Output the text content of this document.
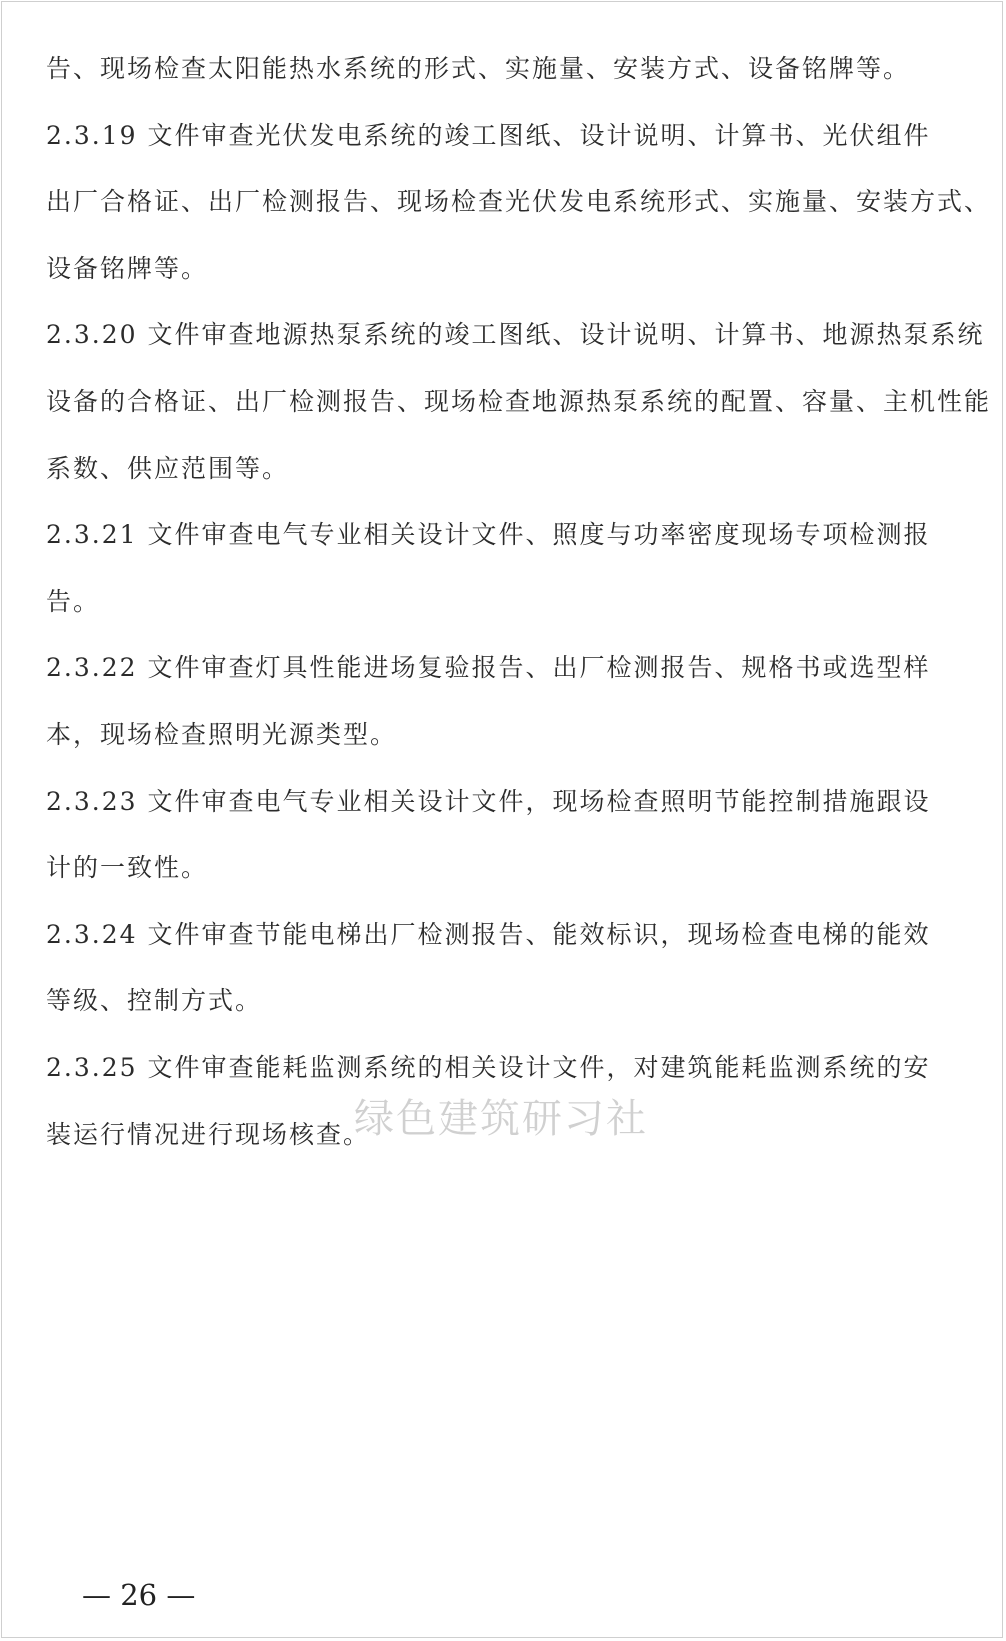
告、现场检查太阳能热水系统的形式、实施量、安装方式、设备铭牌等。
2.3.19 文件审查光伏发电系统的竣工图纸、设计说明、计算书、光伏组件
出厂合格证、出厂检测报告、现场检查光伏发电系统形式、实施量、安装方式、
设备铭牌等。
2.3.20 文件审查地源热泵系统的竣工图纸、设计说明、计算书、地源热泵系统
设备的合格证、出厂检测报告、现场检查地源热泵系统的配置、容量、主机性能
系数、供应范围等。
2.3.21 文件审查电气专业相关设计文件、照度与功率密度现场专项检测报
告。
2.3.22 文件审查灯具性能进场复验报告、出厂检测报告、规格书或选型样
本，现场检查照明光源类型。
2.3.23 文件审查电气专业相关设计文件，现场检查照明节能控制措施跟设
计的一致性。
2.3.24 文件审查节能电梯出厂检测报告、能效标识，现场检查电梯的能效
等级、控制方式。
2.3.25 文件审查能耗监测系统的相关设计文件，对建筑能耗监测系统的安
装运行情况进行现场核查。
绿色建筑研习社
— 26 —
